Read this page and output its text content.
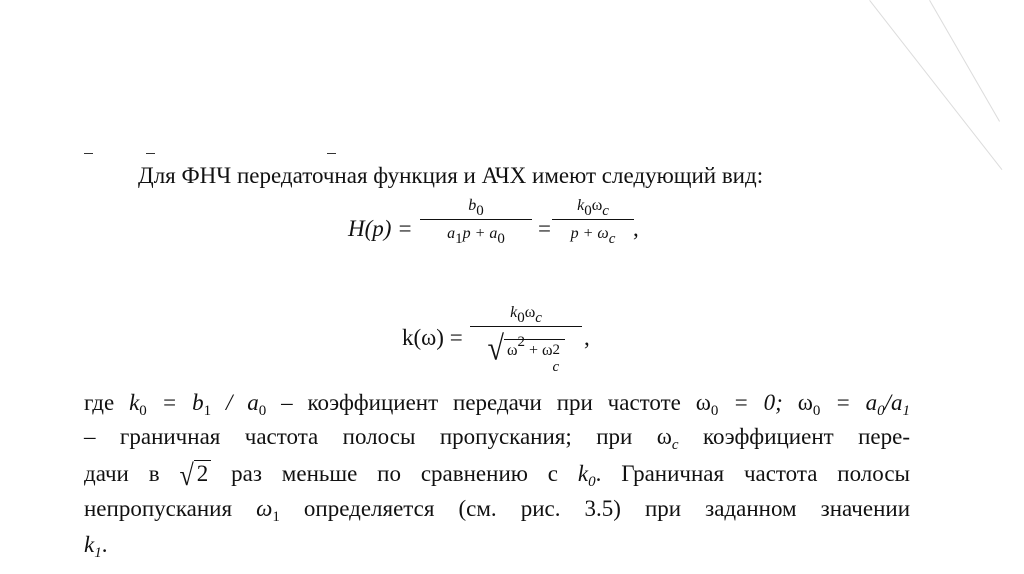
Для ФНЧ передаточная функция и АЧХ имеют следующий вид:
$H(p) = \frac{b_0}{a_1p + a_0} = \frac{k_0\omega_c}{p + \omega_c}$ ,
$k(\omega) = k_0\omega_c$
√ $\omega^2 + \omega$ 2
c ,
где $k_0 = b_1 / a_0$ – коэффициент передачи при частоте $\omega_0 = 0$; $\omega_0 = a_0/a_1$
– граничная частота полосы пропускания; при $\omega_c$ коэффициент пере-
дачи в √ 2 раз меньше по сравнению с $k_0$. Граничная частота полосы
непропускания $\omega_1$ определяется (см. рис. 3.5) при заданном значении
$k_1$.
